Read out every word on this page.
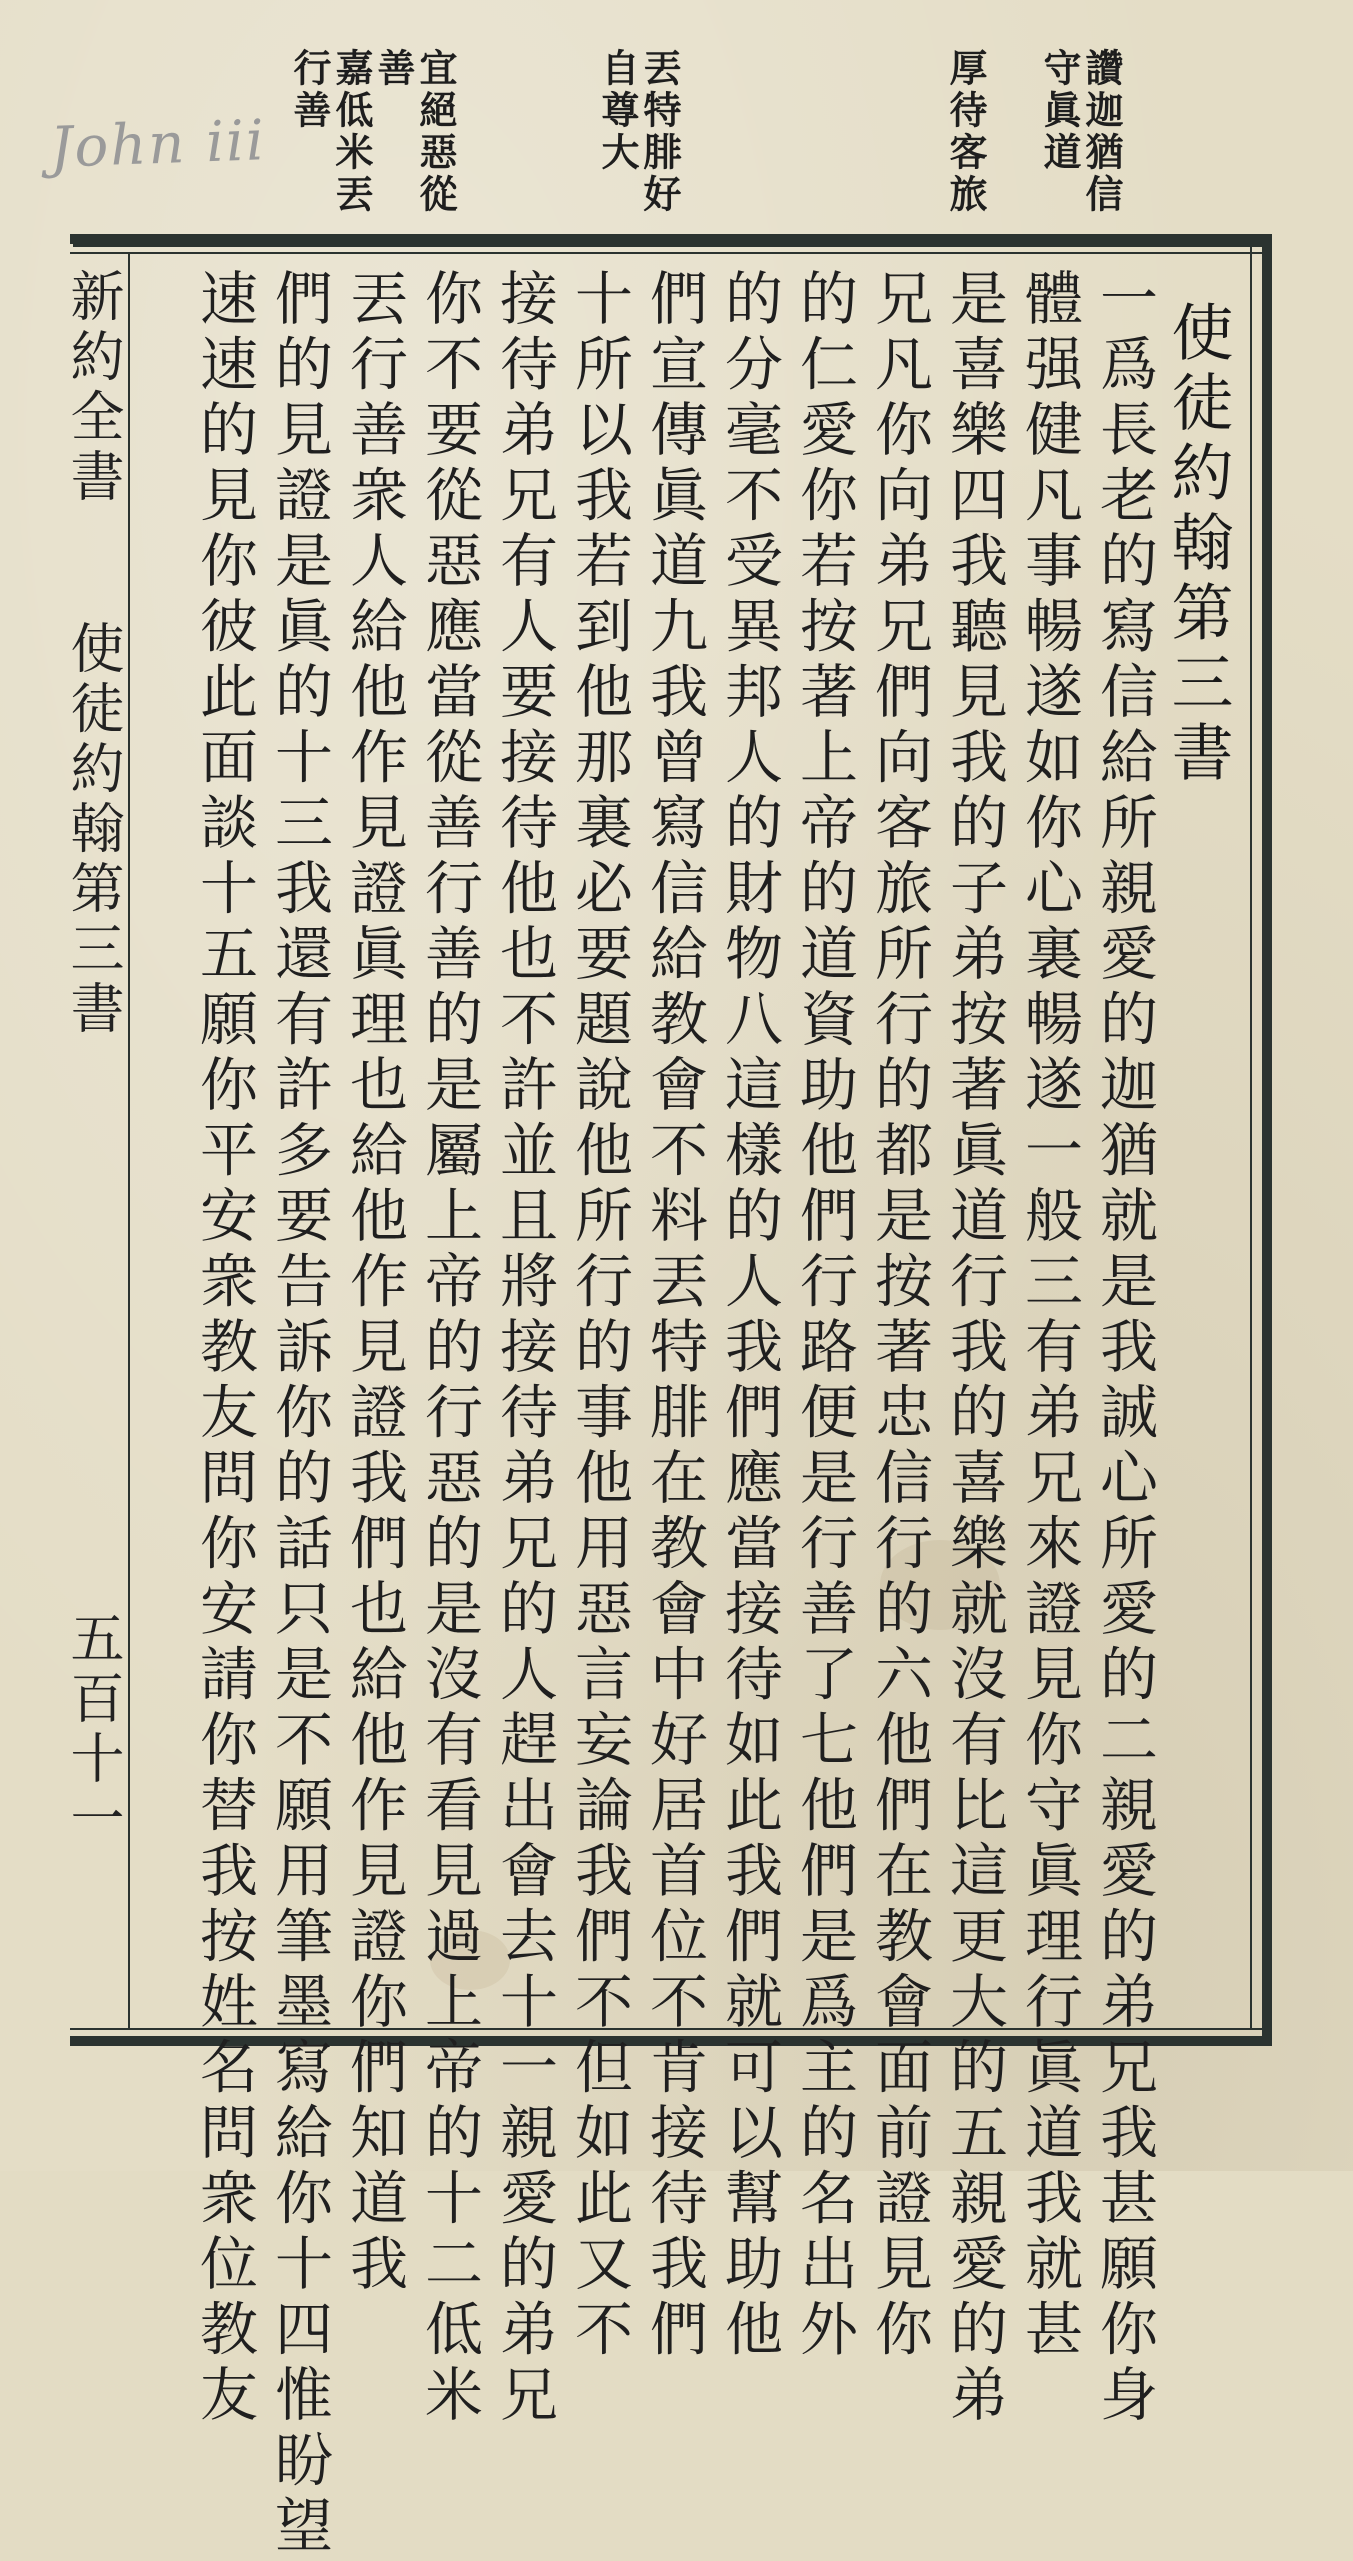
John iii	讚迦猶信
守眞道
厚待客旅
丟特腓好
自尊大
宜絕惡從
善
嘉低米丟
行善
使徒約翰第三書
一爲長老的寫信給所親愛的迦猶就是我誠心所愛的二親愛的弟兄我甚願你身
體强健凡事暢遂如你心裏暢遂一般三有弟兄來證見你守眞理行眞道我就甚
是喜樂四我聽見我的子弟按著眞道行我的喜樂就沒有比這更大的五親愛的弟
兄凡你向弟兄們向客旅所行的都是按著忠信行的六他們在教會面前證見你
的仁愛你若按著上帝的道資助他們行路便是行善了七他們是爲主的名出外
的分毫不受異邦人的財物八這樣的人我們應當接待如此我們就可以幫助他
們宣傳眞道九我曾寫信給教會不料丟特腓在教會中好居首位不肯接待我們
十所以我若到他那裏必要題說他所行的事他用惡言妄論我們不但如此又不
接待弟兄有人要接待他也不許並且將接待弟兄的人趕出會去十一親愛的弟兄
你不要從惡應當從善行善的是屬上帝的行惡的是沒有看見過上帝的十二低米
丟行善衆人給他作見證眞理也給他作見證我們也給他作見證你們知道我
們的見證是眞的十三我還有許多要告訴你的話只是不願用筆墨寫給你十四惟盼望
速速的見你彼此面談十五願你平安衆教友問你安請你替我按姓名問衆位教友
新約全書
使徒約翰第三書
五百十一
